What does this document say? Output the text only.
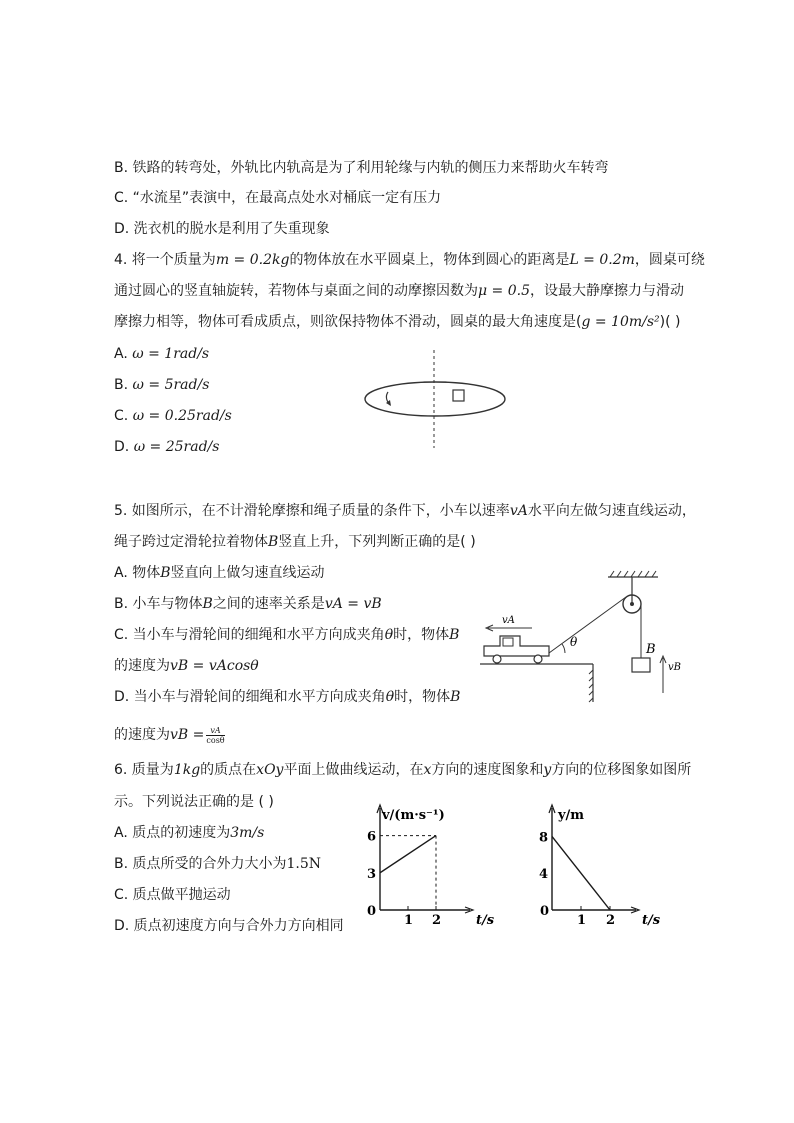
B. 铁路的转弯处，外轨比内轨高是为了利用轮缘与内轨的侧压力来帮助火车转弯
C. “水流星”表演中，在最高点处水对桶底一定有压力
D. 洗衣机的脱水是利用了失重现象
4. 将一个质量为m = 0.2kg的物体放在水平圆桌上，物体到圆心的距离是L = 0.2m，圆桌可绕
通过圆心的竖直轴旋转，若物体与桌面之间的动摩擦因数为μ = 0.5，设最大静摩擦力与滑动
摩擦力相等，物体可看成质点，则欲保持物体不滑动，圆桌的最大角速度是(g = 10m/s²)( )
A. ω = 1rad/s
B. ω = 5rad/s
C. ω = 0.25rad/s
D. ω = 25rad/s
5. 如图所示，在不计滑轮摩擦和绳子质量的条件下，小车以速率vA水平向左做匀速直线运动，
绳子跨过定滑轮拉着物体B竖直上升，下列判断正确的是( )
A. 物体B竖直向上做匀速直线运动
B. 小车与物体B之间的速率关系是vA = vB
C. 当小车与滑轮间的细绳和水平方向成夹角θ时，物体B
的速度为vB = vAcosθ
D. 当小车与滑轮间的细绳和水平方向成夹角θ时，物体B
的速度为vB = $\frac{vA}{\cos\theta}$
B
vB
vA
θ
6. 质量为1kg的质点在xOy平面上做曲线运动，在x方向的速度图象和y方向的位移图象如图所
示。下列说法正确的是 ( )
A. 质点的初速度为3m/s
B. 质点所受的合外力大小为1.5N
C. 质点做平抛运动
D. 质点初速度方向与合外力方向相同
v/(m·s⁻¹)
t/s
0
1 2
3
6
y/m
t/s
0
1 2
4
8
